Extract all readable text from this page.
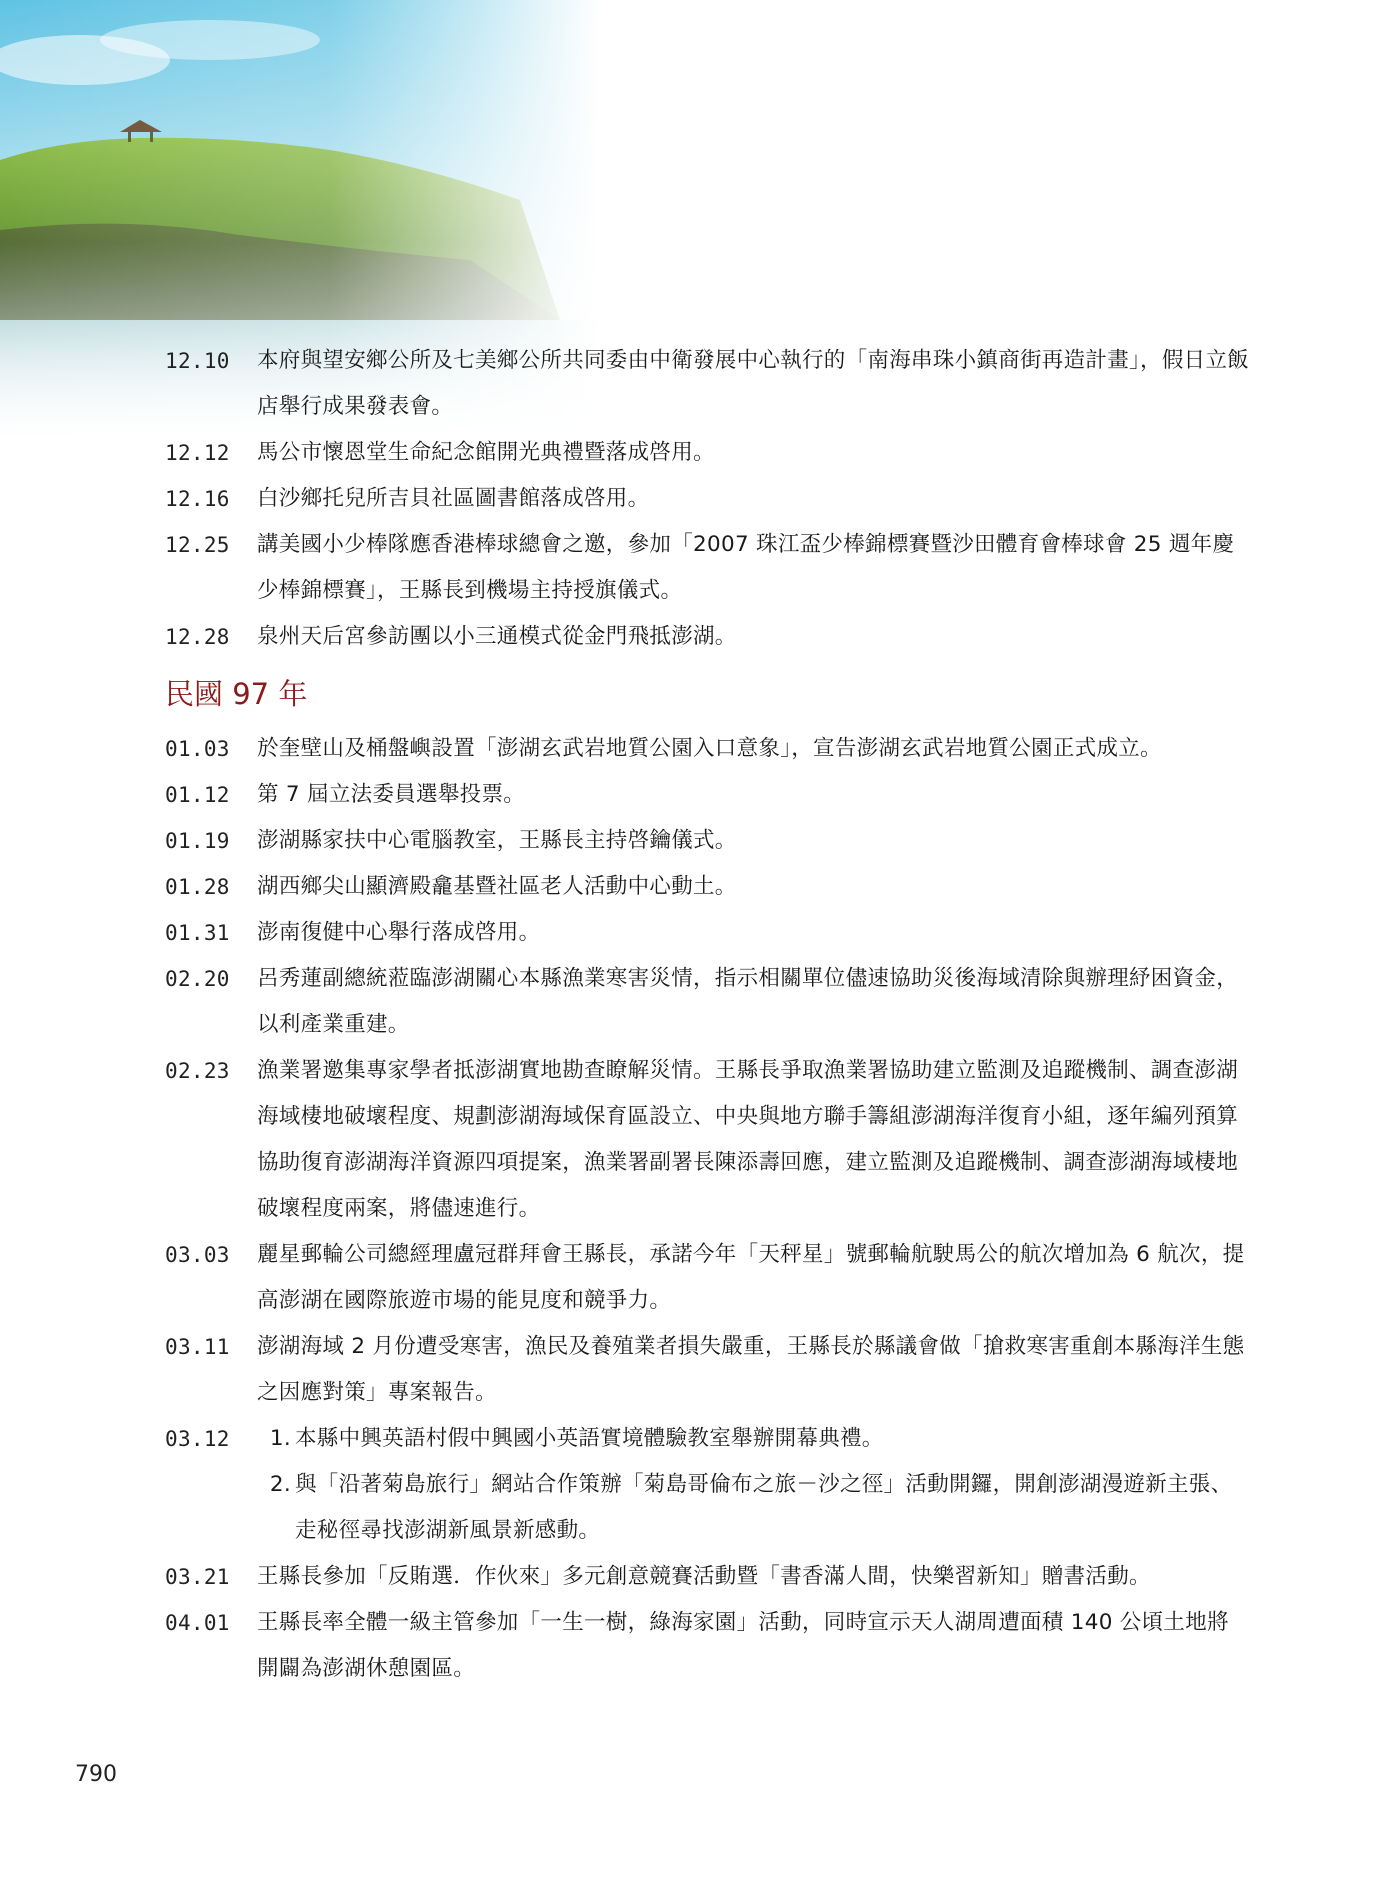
12.10	本府與望安鄉公所及七美鄉公所共同委由中衛發展中心執行的「南海串珠小鎮商街再造計畫」，假日立飯店舉行成果發表會。
12.12	馬公市懷恩堂生命紀念館開光典禮暨落成啓用。
12.16	白沙鄉托兒所吉貝社區圖書館落成啓用。
12.25	講美國小少棒隊應香港棒球總會之邀，參加「2007 珠江盃少棒錦標賽暨沙田體育會棒球會 25 週年慶少棒錦標賽」，王縣長到機場主持授旗儀式。
12.28	泉州天后宮參訪團以小三通模式從金門飛抵澎湖。
民國 97 年
01.03	於奎壁山及桶盤嶼設置「澎湖玄武岩地質公園入口意象」，宣告澎湖玄武岩地質公園正式成立。
01.12	第 7 屆立法委員選舉投票。
01.19	澎湖縣家扶中心電腦教室，王縣長主持啓鑰儀式。
01.28	湖西鄉尖山顯濟殿龕基暨社區老人活動中心動土。
01.31	澎南復健中心舉行落成啓用。
02.20	呂秀蓮副總統蒞臨澎湖關心本縣漁業寒害災情，指示相關單位儘速協助災後海域清除與辦理紓困資金，以利產業重建。
02.23	漁業署邀集專家學者抵澎湖實地勘查瞭解災情。王縣長爭取漁業署協助建立監測及追蹤機制、調查澎湖海域棲地破壞程度、規劃澎湖海域保育區設立、中央與地方聯手籌組澎湖海洋復育小組，逐年編列預算協助復育澎湖海洋資源四項提案，漁業署副署長陳添壽回應，建立監測及追蹤機制、調查澎湖海域棲地破壞程度兩案，將儘速進行。
03.03	麗星郵輪公司總經理盧冠群拜會王縣長，承諾今年「天秤星」號郵輪航駛馬公的航次增加為 6 航次，提高澎湖在國際旅遊市場的能見度和競爭力。
03.11	澎湖海域 2 月份遭受寒害，漁民及養殖業者損失嚴重，王縣長於縣議會做「搶救寒害重創本縣海洋生態之因應對策」專案報告。
03.12	1. 本縣中興英語村假中興國小英語實境體驗教室舉辦開幕典禮。
2. 與「沿著菊島旅行」網站合作策辦「菊島哥倫布之旅－沙之徑」活動開鑼，開創澎湖漫遊新主張、走秘徑尋找澎湖新風景新感動。
03.21	王縣長參加「反賄選．作伙來」多元創意競賽活動暨「書香滿人間，快樂習新知」贈書活動。
04.01	王縣長率全體一級主管參加「一生一樹，綠海家園」活動，同時宣示天人湖周遭面積 140 公頃土地將開闢為澎湖休憩園區。
790
